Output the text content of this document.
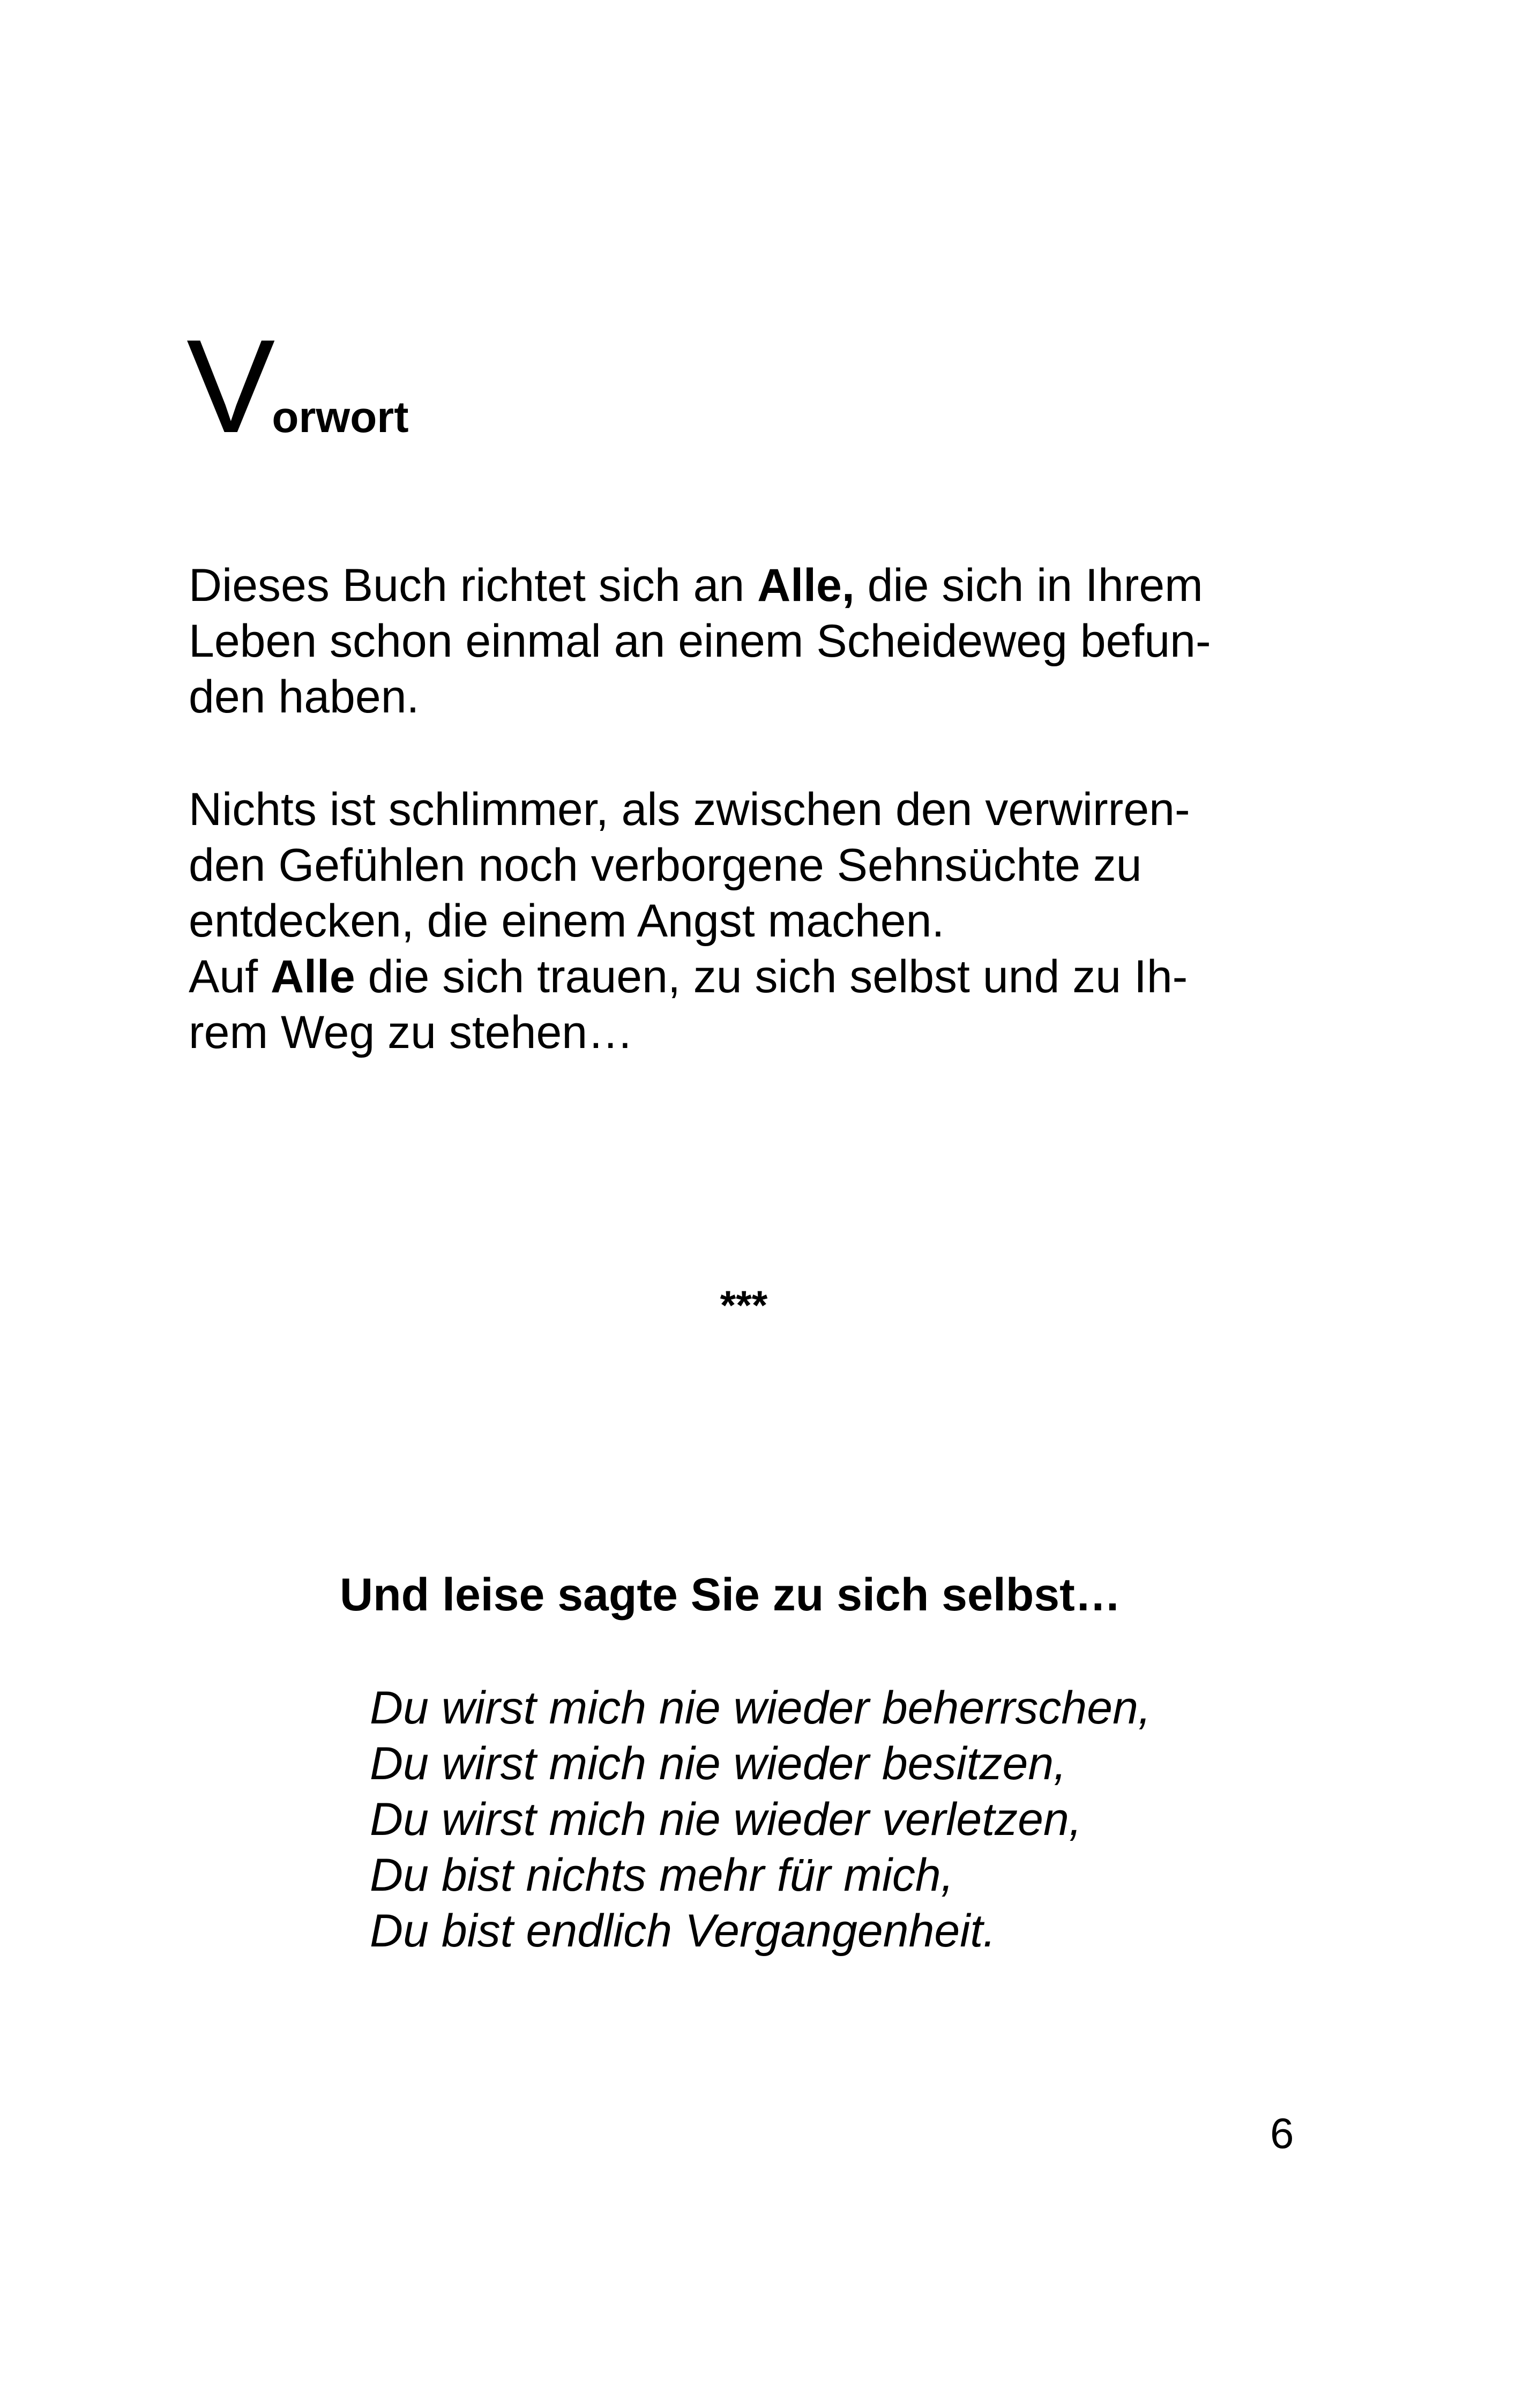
Vorwort

Dieses Buch richtet sich an Alle, die sich in Ihrem
Leben schon einmal an einem Scheideweg befun-
den haben.

Nichts ist schlimmer, als zwischen den verwirren-
den Gefühlen noch verborgene Sehnsüchte zu
entdecken, die einem Angst machen.
Auf Alle die sich trauen, zu sich selbst und zu Ih-
rem Weg zu stehen…

***
Und leise sagte Sie zu sich selbst…
Du wirst mich nie wieder beherrschen,
Du wirst mich nie wieder besitzen,
Du wirst mich nie wieder verletzen,
Du bist nichts mehr für mich,
Du bist endlich Vergangenheit.
6
